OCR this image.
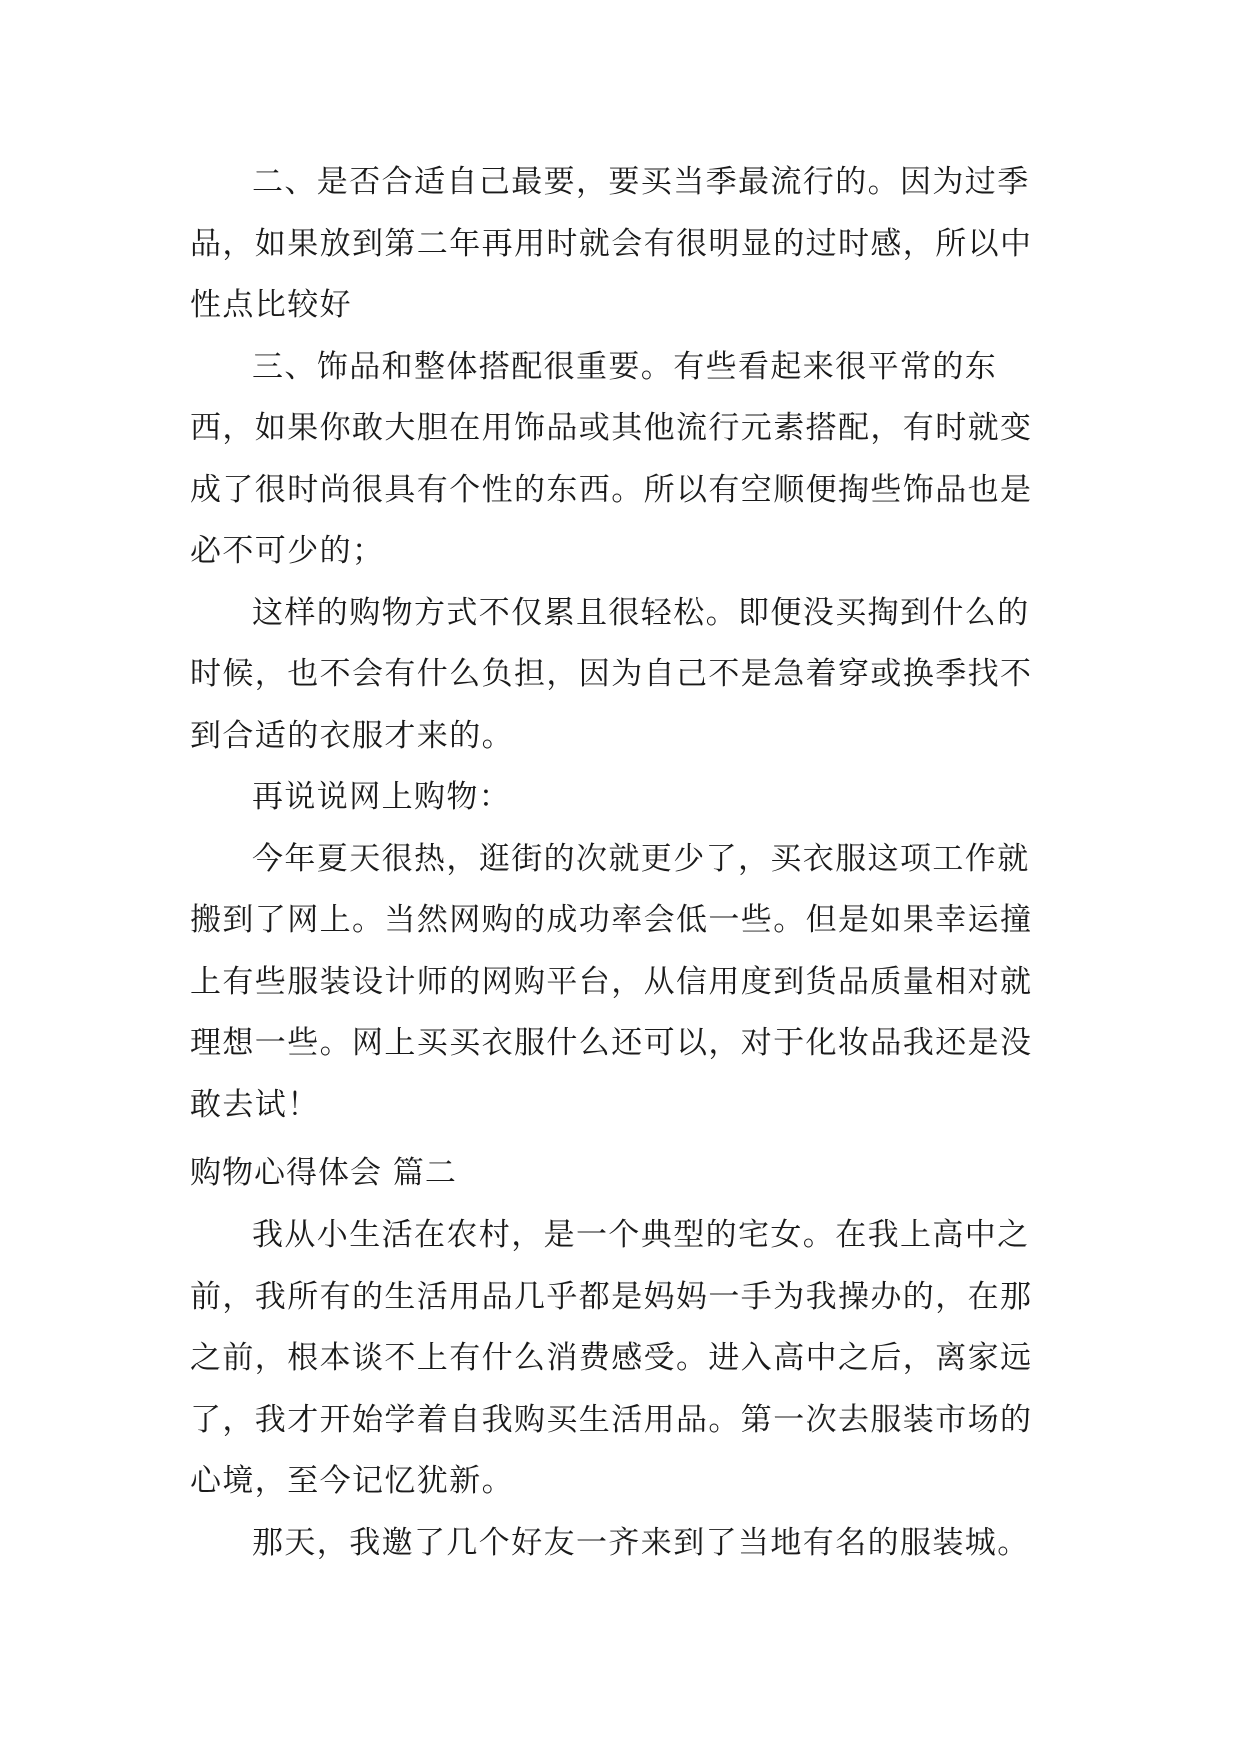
二、是否合适自己最要，要买当季最流行的。因为过季品，如果放到第二年再用时就会有很明显的过时感，所以中性点比较好

三、饰品和整体搭配很重要。有些看起来很平常的东西，如果你敢大胆在用饰品或其他流行元素搭配，有时就变成了很时尚很具有个性的东西。所以有空顺便掏些饰品也是必不可少的；

这样的购物方式不仅累且很轻松。即便没买掏到什么的时候，也不会有什么负担，因为自己不是急着穿或换季找不到合适的衣服才来的。

再说说网上购物：

今年夏天很热，逛街的次就更少了，买衣服这项工作就搬到了网上。当然网购的成功率会低一些。但是如果幸运撞上有些服装设计师的网购平台，从信用度到货品质量相对就理想一些。网上买买衣服什么还可以，对于化妆品我还是没敢去试！

购物心得体会 篇二

我从小生活在农村，是一个典型的宅女。在我上高中之前，我所有的生活用品几乎都是妈妈一手为我操办的，在那之前，根本谈不上有什么消费感受。进入高中之后，离家远了，我才开始学着自我购买生活用品。第一次去服装市场的心境，至今记忆犹新。

那天，我邀了几个好友一齐来到了当地有名的服装城。
